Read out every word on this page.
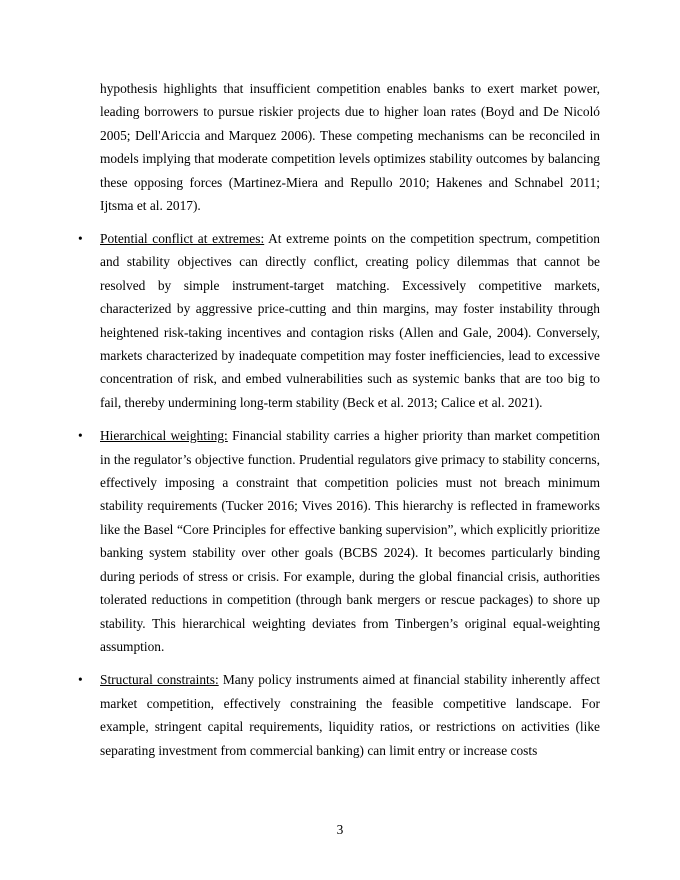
hypothesis highlights that insufficient competition enables banks to exert market power, leading borrowers to pursue riskier projects due to higher loan rates (Boyd and De Nicoló 2005; Dell'Ariccia and Marquez 2006). These competing mechanisms can be reconciled in models implying that moderate competition levels optimizes stability outcomes by balancing these opposing forces (Martinez-Miera and Repullo 2010; Hakenes and Schnabel 2011; Ijtsma et al. 2017).

• Potential conflict at extremes: At extreme points on the competition spectrum, competition and stability objectives can directly conflict, creating policy dilemmas that cannot be resolved by simple instrument-target matching. Excessively competitive markets, characterized by aggressive price-cutting and thin margins, may foster instability through heightened risk-taking incentives and contagion risks (Allen and Gale, 2004). Conversely, markets characterized by inadequate competition may foster inefficiencies, lead to excessive concentration of risk, and embed vulnerabilities such as systemic banks that are too big to fail, thereby undermining long-term stability (Beck et al. 2013; Calice et al. 2021).
• Hierarchical weighting: Financial stability carries a higher priority than market competition in the regulator’s objective function. Prudential regulators give primacy to stability concerns, effectively imposing a constraint that competition policies must not breach minimum stability requirements (Tucker 2016; Vives 2016). This hierarchy is reflected in frameworks like the Basel “Core Principles for effective banking supervision”, which explicitly prioritize banking system stability over other goals (BCBS 2024). It becomes particularly binding during periods of stress or crisis. For example, during the global financial crisis, authorities tolerated reductions in competition (through bank mergers or rescue packages) to shore up stability. This hierarchical weighting deviates from Tinbergen’s original equal-weighting assumption.
• Structural constraints: Many policy instruments aimed at financial stability inherently affect market competition, effectively constraining the feasible competitive landscape. For example, stringent capital requirements, liquidity ratios, or restrictions on activities (like separating investment from commercial banking) can limit entry or increase costs
3
